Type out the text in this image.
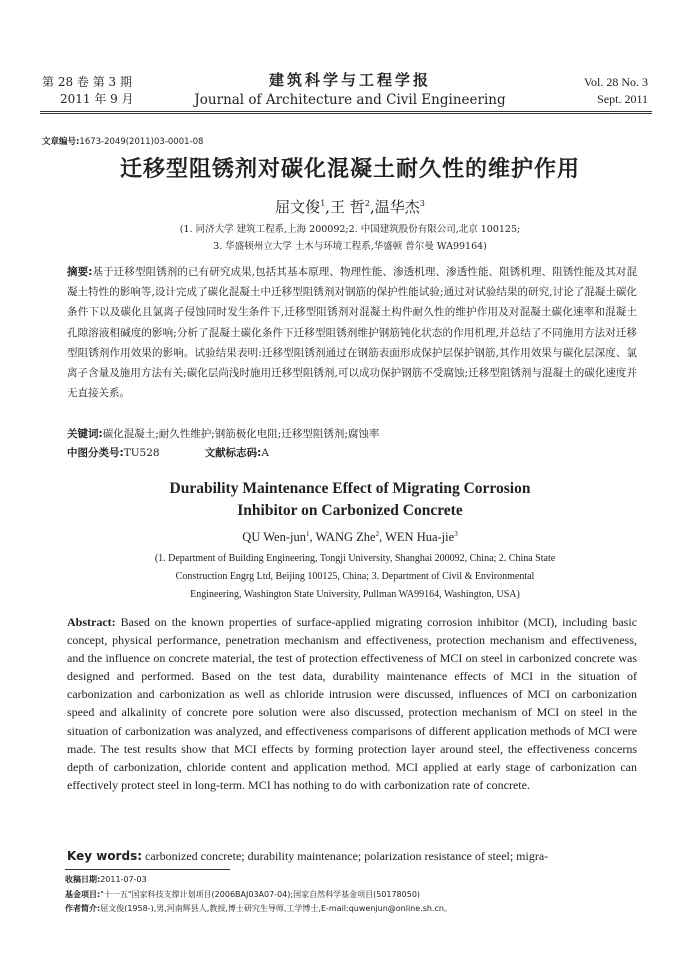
第 28 卷 第 3 期
2011 年 9 月
建筑科学与工程学报
Journal of Architecture and Civil Engineering
Vol. 28 No. 3
Sept. 2011
文章编号:1673-2049(2011)03-0001-08
迁移型阻锈剂对碳化混凝土耐久性的维护作用
屈文俊$^1$,王 哲$^2$,温华杰$^3$
(1. 同济大学 建筑工程系,上海 200092;2. 中国建筑股份有限公司,北京 100125;
3. 华盛顿州立大学 土木与环境工程系,华盛顿 普尔曼 WA99164)
摘要:基于迁移型阻锈剂的已有研究成果,包括其基本原理、物理性能、渗透机理、渗透性能、阻锈机理、阻锈性能及其对混凝土特性的影响等,设计完成了碳化混凝土中迁移型阻锈剂对钢筋的保护性能试验;通过对试验结果的研究,讨论了混凝土碳化条件下以及碳化且氯离子侵蚀同时发生条件下,迁移型阻锈剂对混凝土构件耐久性的维护作用及对混凝土碳化速率和混凝土孔隙溶液相碱度的影响;分析了混凝土碳化条件下迁移型阻锈剂维护钢筋钝化状态的作用机理,并总结了不同施用方法对迁移型阻锈剂作用效果的影响。试验结果表明:迁移型阻锈剂通过在钢筋表面形成保护层保护钢筋,其作用效果与碳化层深度、氯离子含量及施用方法有关;碳化层尚浅时施用迁移型阻锈剂,可以成功保护钢筋不受腐蚀;迁移型阻锈剂与混凝土的碳化速度并无直接关系。
关键词:碳化混凝土;耐久性维护;钢筋极化电阻;迁移型阻锈剂;腐蚀率
中图分类号:TU528	文献标志码:A
Durability Maintenance Effect of Migrating Corrosion
Inhibitor on Carbonized Concrete
QU Wen-jun$^1$, WANG Zhe$^2$, WEN Hua-jie$^3$
(1. Department of Building Engineering, Tongji University, Shanghai 200092, China; 2. China State
Construction Engrg Ltd, Beijing 100125, China; 3. Department of Civil & Environmental
Engineering, Washington State University, Pullman WA99164, Washington, USA)
Abstract: Based on the known properties of surface-applied migrating corrosion inhibitor (MCI), including basic concept, physical performance, penetration mechanism and effectiveness, protection mechanism and effectiveness, and the influence on concrete material, the test of protection effectiveness of MCI on steel in carbonized concrete was designed and performed. Based on the test data, durability maintenance effects of MCI in the situation of carbonization and carbonization as well as chloride intrusion were discussed, influences of MCI on carbonization speed and alkalinity of concrete pore solution were also discussed, protection mechanism of MCI on steel in the situation of carbonization was analyzed, and effectiveness comparisons of different application methods of MCI were made. The test results show that MCI effects by forming protection layer around steel, the effectiveness concerns depth of carbonization, chloride content and application method. MCI applied at early stage of carbonization can effectively protect steel in long-term. MCI has nothing to do with carbonization rate of concrete.
Key words: carbonized concrete; durability maintenance; polarization resistance of steel; migra-
收稿日期:2011-07-03
基金项目:"十一五"国家科技支撑计划项目(2006BAJ03A07-04);国家自然科学基金项目(50178050)
作者简介:屈文俊(1958-),男,河南辉县人,教授,博士研究生导师,工学博士,E-mail:quwenjun@online.sh.cn。
